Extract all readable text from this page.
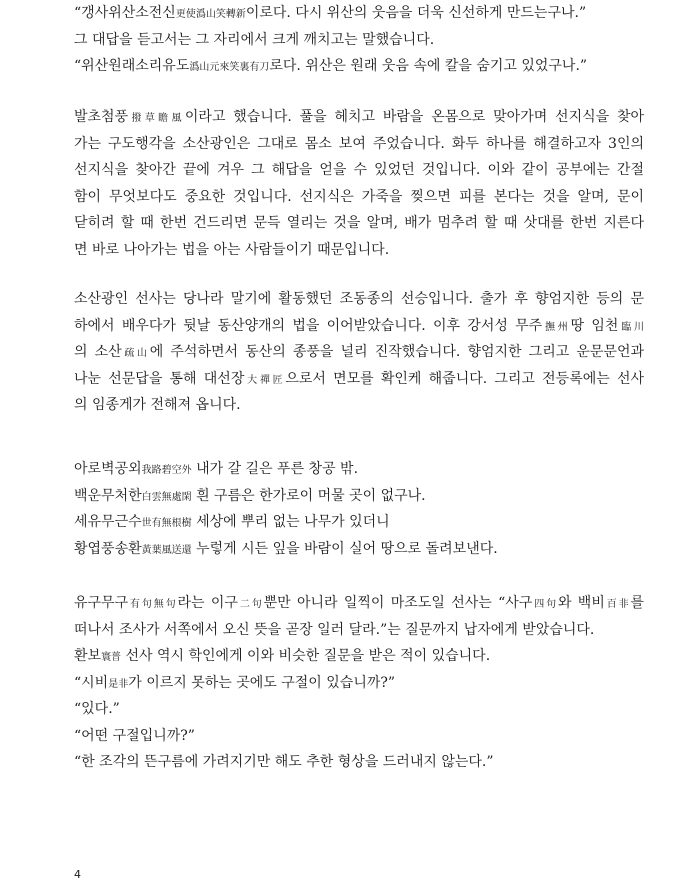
“갱사위산소전신更使潙山笑轉新이로다. 다시 위산의 웃음을 더욱 신선하게 만드는구나.”
그 대답을 듣고서는 그 자리에서 크게 깨치고는 말했습니다.
“위산원래소리유도潙山元來笑裏有刀로다. 위산은 원래 웃음 속에 칼을 숨기고 있었구나.”
발초첨풍撥草瞻風이라고 했습니다. 풀을 헤치고 바람을 온몸으로 맞아가며 선지식을 찾아
가는 구도행각을 소산광인은 그대로 몸소 보여 주었습니다. 화두 하나를 해결하고자 3인의
선지식을 찾아간 끝에 겨우 그 해답을 얻을 수 있었던 것입니다. 이와 같이 공부에는 간절
함이 무엇보다도 중요한 것입니다. 선지식은 가죽을 찢으면 피를 본다는 것을 알며, 문이
닫히려 할 때 한번 건드리면 문득 열리는 것을 알며, 배가 멈추려 할 때 삿대를 한번 지른다
면 바로 나아가는 법을 아는 사람들이기 때문입니다.
소산광인 선사는 당나라 말기에 활동했던 조동종의 선승입니다. 출가 후 향엄지한 등의 문
하에서 배우다가 뒷날 동산양개의 법을 이어받았습니다. 이후 강서성 무주撫州땅 임천臨川
의 소산疏山에 주석하면서 동산의 종풍을 널리 진작했습니다. 향엄지한 그리고 운문문언과
나눈 선문답을 통해 대선장大禪匠으로서 면모를 확인케 해줍니다. 그리고 전등록에는 선사
의 임종게가 전해져 옵니다.
아로벽공외我路碧空外 내가 갈 길은 푸른 창공 밖.
백운무처한白雲無處閑 흰 구름은 한가로이 머물 곳이 없구나.
세유무근수世有無根樹 세상에 뿌리 없는 나무가 있더니
황엽풍송환黃葉風送還 누렇게 시든 잎을 바람이 실어 땅으로 돌려보낸다.
유구무구有句無句라는 이구二句뿐만 아니라 일찍이 마조도일 선사는 “사구四句와 백비百非를
떠나서 조사가 서쪽에서 오신 뜻을 곧장 일러 달라.”는 질문까지 납자에게 받았습니다.
환보寰普 선사 역시 학인에게 이와 비슷한 질문을 받은 적이 있습니다.
“시비是非가 이르지 못하는 곳에도 구절이 있습니까?”
“있다.”
“어떤 구절입니까?”
“한 조각의 뜬구름에 가려지기만 해도 추한 형상을 드러내지 않는다.”
4
